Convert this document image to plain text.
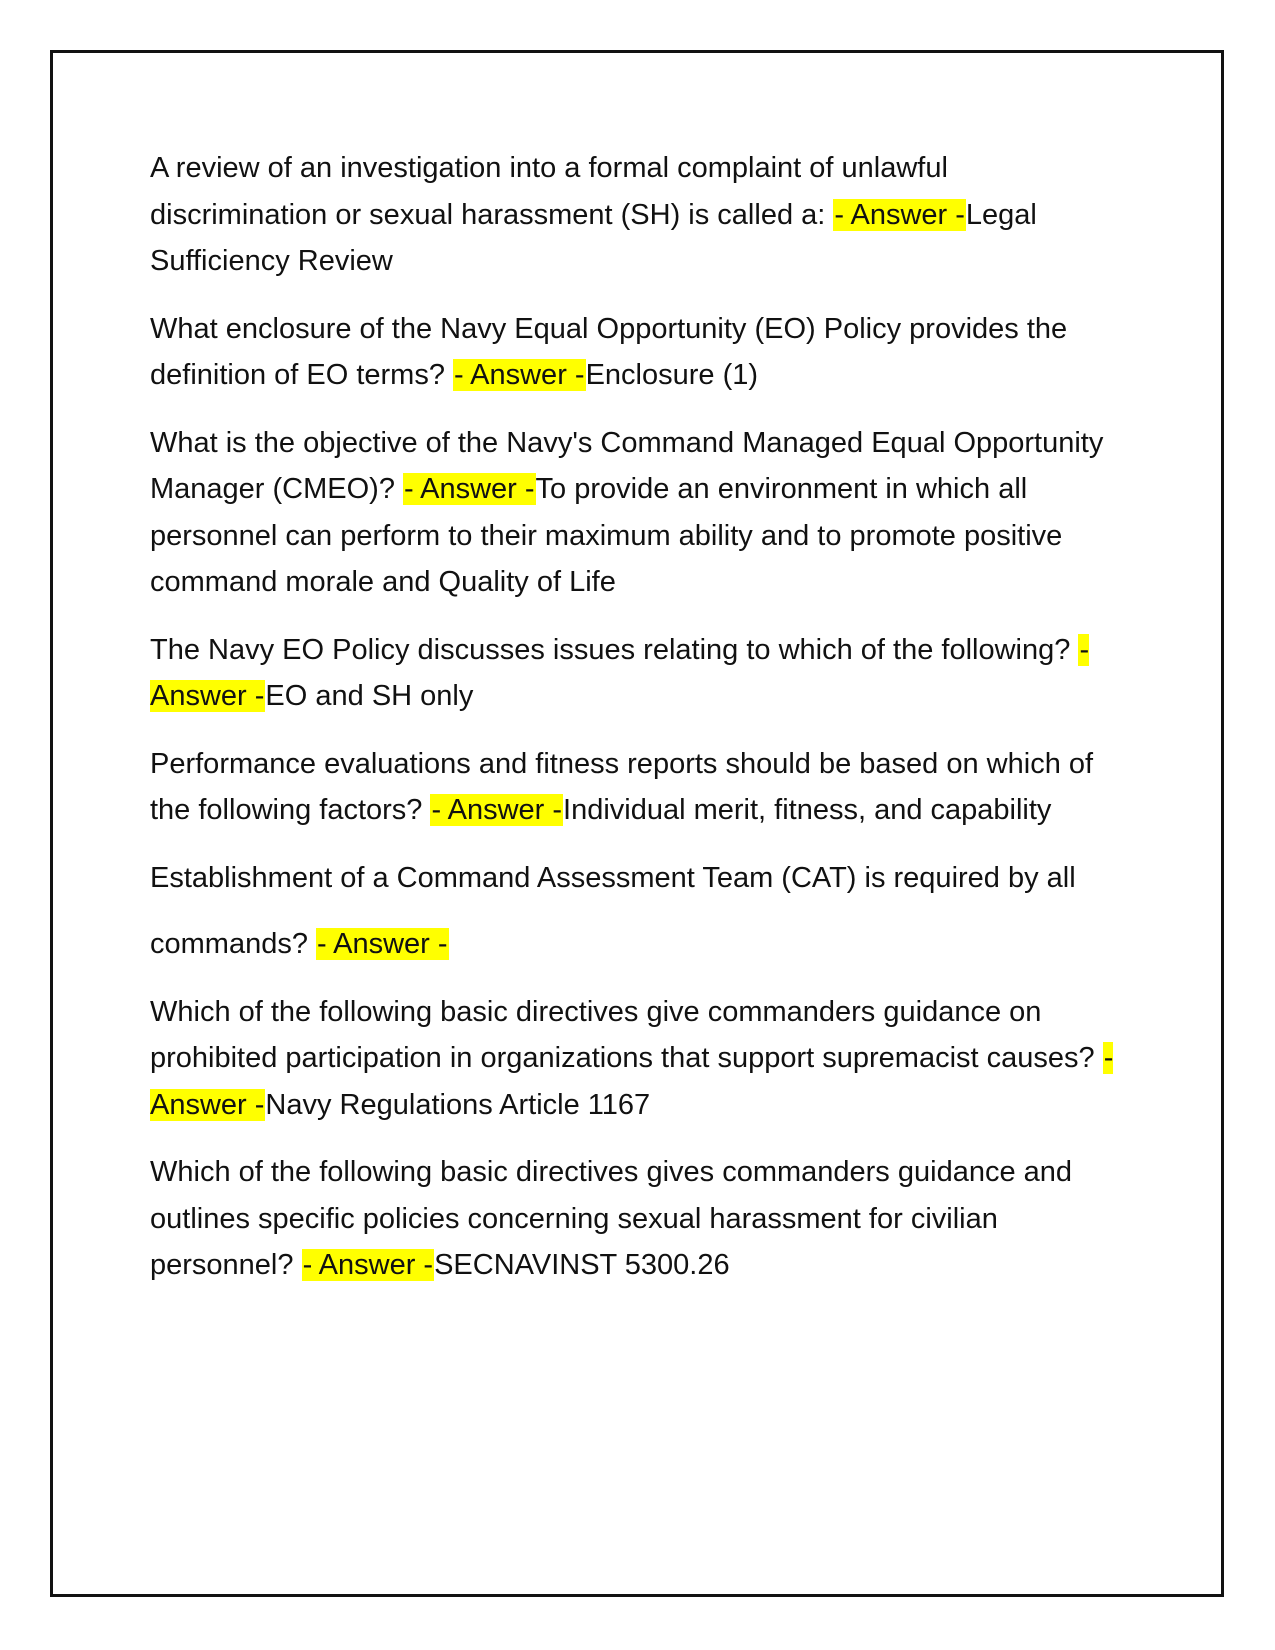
A review of an investigation into a formal complaint of unlawful discrimination or sexual harassment (SH) is called a: - Answer -Legal Sufficiency Review

What enclosure of the Navy Equal Opportunity (EO) Policy provides the definition of EO terms? - Answer -Enclosure (1)

What is the objective of the Navy's Command Managed Equal Opportunity Manager (CMEO)? - Answer -To provide an environment in which all personnel can perform to their maximum ability and to promote positive command morale and Quality of Life

The Navy EO Policy discusses issues relating to which of the following? - Answer -EO and SH only

Performance evaluations and fitness reports should be based on which of the following factors? - Answer -Individual merit, fitness, and capability

Establishment of a Command Assessment Team (CAT) is required by all
commands? - Answer -

Which of the following basic directives give commanders guidance on prohibited participation in organizations that support supremacist causes? - Answer -Navy Regulations Article 1167

Which of the following basic directives gives commanders guidance and outlines specific policies concerning sexual harassment for civilian personnel? - Answer -SECNAVINST 5300.26
